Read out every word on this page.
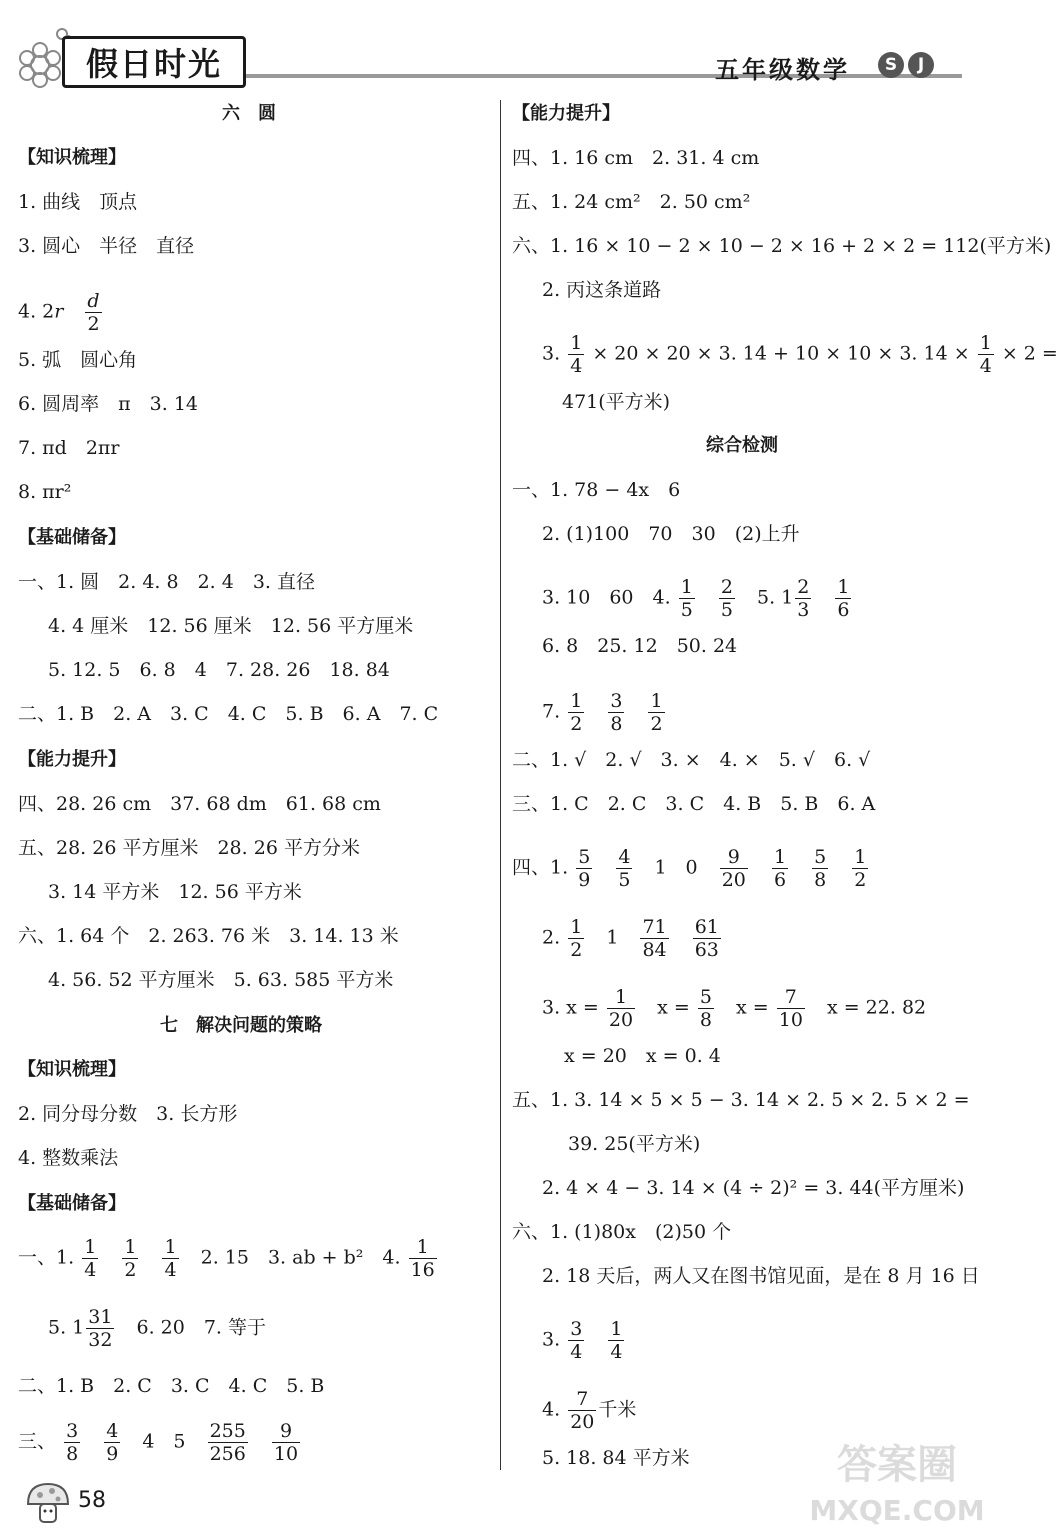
假日时光	五年级数学	S	J
六　圆
【知识梳理】
1. 曲线　顶点
3. 圆心　半径　直径
4. $2r \frac{d}{2}$
5. 弧　圆心角
6. 圆周率　π　3. 14
7. πd　2πr
8. πr²
【基础储备】
一、1. 圆　2. 4. 8　2. 4　3. 直径
4. 4 厘米　12. 56 厘米　12. 56 平方厘米
5. 12. 5　6. 8　4　7. 28. 26　18. 84
二、1. B　2. A　3. C　4. C　5. B　6. A　7. C
【能力提升】
四、28. 26 cm　37. 68 dm　61. 68 cm
五、28. 26 平方厘米　28. 26 平方分米
3. 14 平方米　12. 56 平方米
六、1. 64 个　2. 263. 76 米　3. 14. 13 米
4. 56. 52 平方厘米　5. 63. 585 平方米
七　解决问题的策略
【知识梳理】
2. 同分母分数　3. 长方形
4. 整数乘法
【基础储备】
一、1. $\frac{1}{4}$
$\frac{1}{2}$
$\frac{1}{4} 2$. 15　3. ab + b²　4. $\frac{1}{16}$
5. $1 \frac{31}{32} 6$. 20　7. 等于
二、1. B　2. C　3. C　4. C　5. B
三、 $\frac{3}{8}$
$\frac{4}{9} 4$　$5 \frac{255}{256}$
$\frac{9}{10}$
【能力提升】
四、1. 16 cm　2. 31. 4 cm
五、1. 24 cm²　2. 50 cm²
六、1. 16 × 10 − 2 × 10 − 2 × 16 + 2 × 2 = 112(平方米)
2. 丙这条道路
3. $\frac{1}{4} \times 20 \times 20 \times 3$. 14 + 10 × 10 × 3. $14 \times \frac{1}{4} \times 2$ =
471(平方米)
综合检测
一、1. 78 − 4x　6
2. (1)100　70　30　(2)上升
3. 10　60　4. $\frac{1}{5}$
$\frac{2}{5} 5$. $1 \frac{2}{3}$
$\frac{1}{6}$
6. 8　25. 12　50. 24
7. $\frac{1}{2}$
$\frac{3}{8}$
$\frac{1}{2}$
二、1. √　2. √　3. ×　4. ×　5. √　6. √
三、1. C　2. C　3. C　4. B　5. B　6. A
四、1. $\frac{5}{9}$
$\frac{4}{5} 1$　$0 \frac{9}{20}$
$\frac{1}{6}$
$\frac{5}{8}$
$\frac{1}{2}$
2. $\frac{1}{2} 1 \frac{71}{84}$
$\frac{61}{63}$
3. $x = \frac{1}{20}$ $x = \frac{5}{8}$ $x = \frac{7}{10}$ x = 22. 82
x = 20　x = 0. 4
五、1. 3. 14 × 5 × 5 − 3. 14 × 2. 5 × 2. 5 × 2 =
39. 25(平方米)
2. 4 × 4 − 3. 14 × (4 ÷ 2)² = 3. 44(平方厘米)
六、1. (1)80x　(2)50 个
2. 18 天后，两人又在图书馆见面，是在 8 月 16 日
3. $\frac{3}{4}$
$\frac{1}{4}$
4. $\frac{7}{20}$ 千米
5. 18. 84 平方米
58
答案圈
MXQE.COM
